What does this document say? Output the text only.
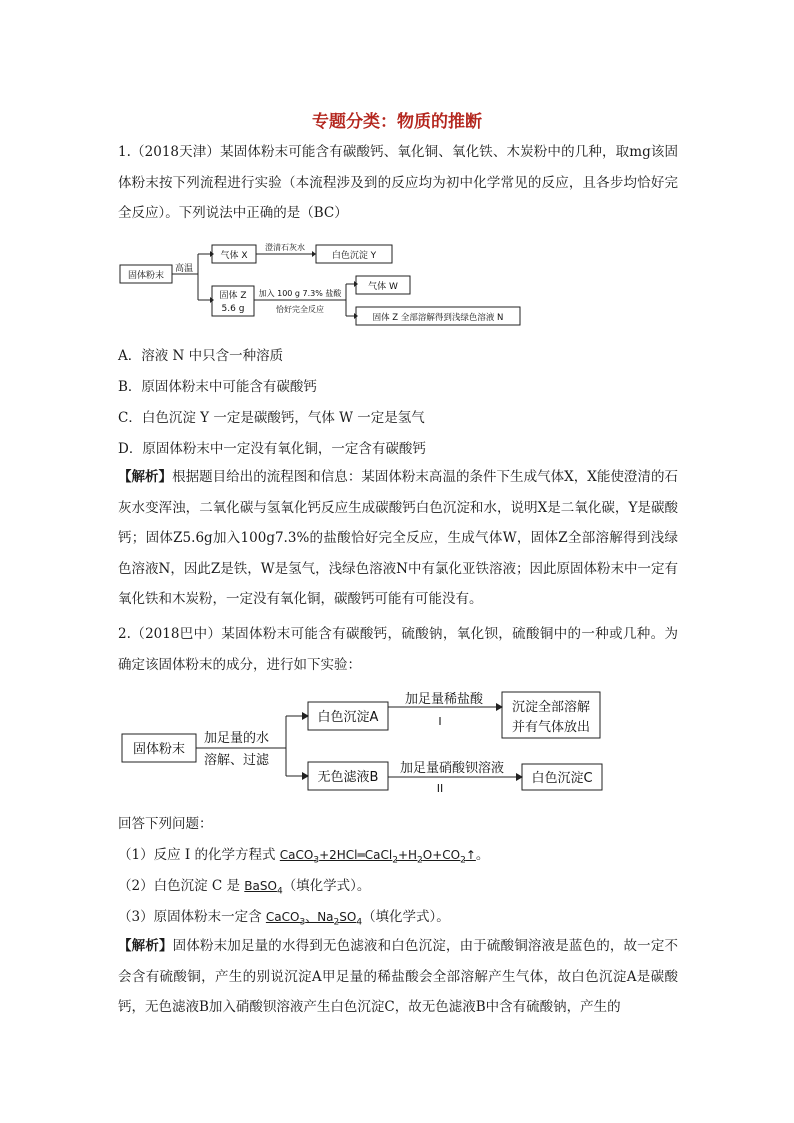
专题分类：物质的推断
1.（2018天津）某固体粉末可能含有碳酸钙、氧化铜、氧化铁、木炭粉中的几种，取mg该固体粉末按下列流程进行实验（本流程涉及到的反应均为初中化学常见的反应，且各步均恰好完全反应）。下列说法中正确的是（BC）
固体粉末
高温
气体 X
澄清石灰水
白色沉淀 Y
固体 Z
5.6 g
加入 100 g 7.3% 盐酸
恰好完全反应
气体 W
固体 Z 全部溶解得到浅绿色溶液 N
A．溶液 N 中只含一种溶质
B．原固体粉末中可能含有碳酸钙
C．白色沉淀 Y 一定是碳酸钙，气体 W 一定是氢气
D．原固体粉末中一定没有氧化铜，一定含有碳酸钙
【解析】根据题目给出的流程图和信息：某固体粉末高温的条件下生成气体X，X能使澄清的石灰水变浑浊，二氧化碳与氢氧化钙反应生成碳酸钙白色沉淀和水，说明X是二氧化碳，Y是碳酸钙；固体Z5.6g加入100g7.3%的盐酸恰好完全反应，生成气体W，固体Z全部溶解得到浅绿色溶液N，因此Z是铁，W是氢气，浅绿色溶液N中有氯化亚铁溶液；因此原固体粉末中一定有氧化铁和木炭粉，一定没有氧化铜，碳酸钙可能有可能没有。
2.（2018巴中）某固体粉末可能含有碳酸钙，硫酸钠，氧化钡，硫酸铜中的一种或几种。为确定该固体粉末的成分，进行如下实验：
固体粉末
加足量的水
溶解、过滤
白色沉淀A
加足量稀盐酸
I
沉淀全部溶解
并有气体放出
无色滤液B
加足量硝酸钡溶液
II
白色沉淀C
回答下列问题：
（1）反应 I 的化学方程式 $CaCO_3+2HCl═CaCl_2+H_2O+CO_2↑$。
（2）白色沉淀 C 是 BaSO$_4$（填化学式）。
（3）原固体粉末一定含 CaCO$_3$、$Na_2SO_4$（填化学式）。
【解析】固体粉末加足量的水得到无色滤液和白色沉淀，由于硫酸铜溶液是蓝色的，故一定不会含有硫酸铜，产生的别说沉淀A甲足量的稀盐酸会全部溶解产生气体，故白色沉淀A是碳酸钙，无色滤液B加入硝酸钡溶液产生白色沉淀C，故无色滤液B中含有硫酸钠，产生的
